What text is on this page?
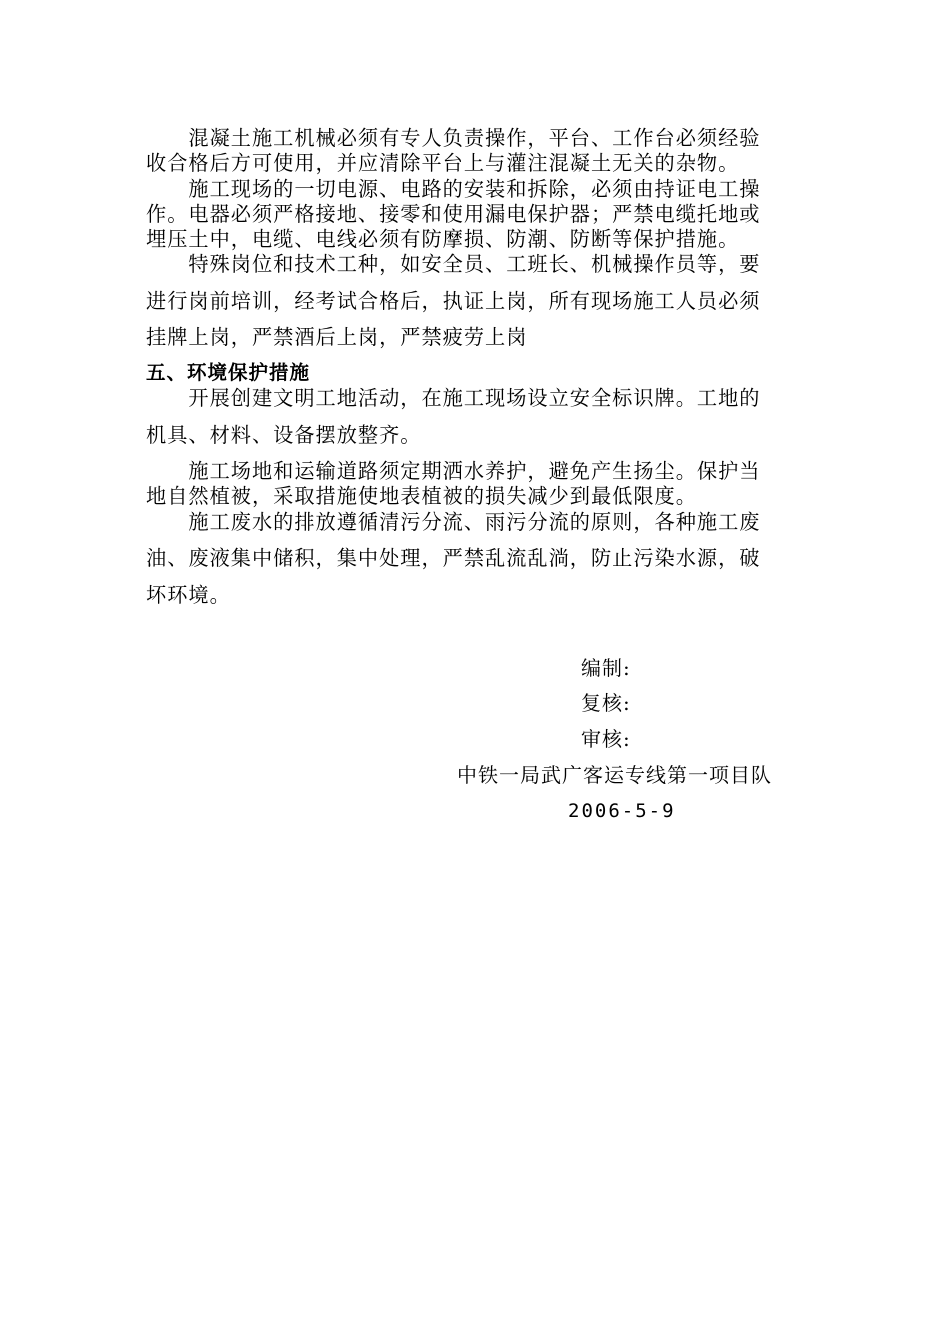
　　混凝土施工机械必须有专人负责操作，平台、工作台必须经验
收合格后方可使用，并应清除平台上与灌注混凝土无关的杂物。
　　施工现场的一切电源、电路的安装和拆除，必须由持证电工操
作。电器必须严格接地、接零和使用漏电保护器；严禁电缆托地或
埋压土中，电缆、电线必须有防摩损、防潮、防断等保护措施。
　　特殊岗位和技术工种，如安全员、工班长、机械操作员等，要
进行岗前培训，经考试合格后，执证上岗，所有现场施工人员必须
挂牌上岗，严禁酒后上岗，严禁疲劳上岗
五、环境保护措施
　　开展创建文明工地活动，在施工现场设立安全标识牌。工地的
机具、材料、设备摆放整齐。
　　施工场地和运输道路须定期洒水养护，避免产生扬尘。保护当
地自然植被，采取措施使地表植被的损失减少到最低限度。
　　施工废水的排放遵循清污分流、雨污分流的原则，各种施工废
油、废液集中储积，集中处理，严禁乱流乱淌，防止污染水源，破
坏环境。
编制:
复核:
审核:
中铁一局武广客运专线第一项目队
2006-5-9
